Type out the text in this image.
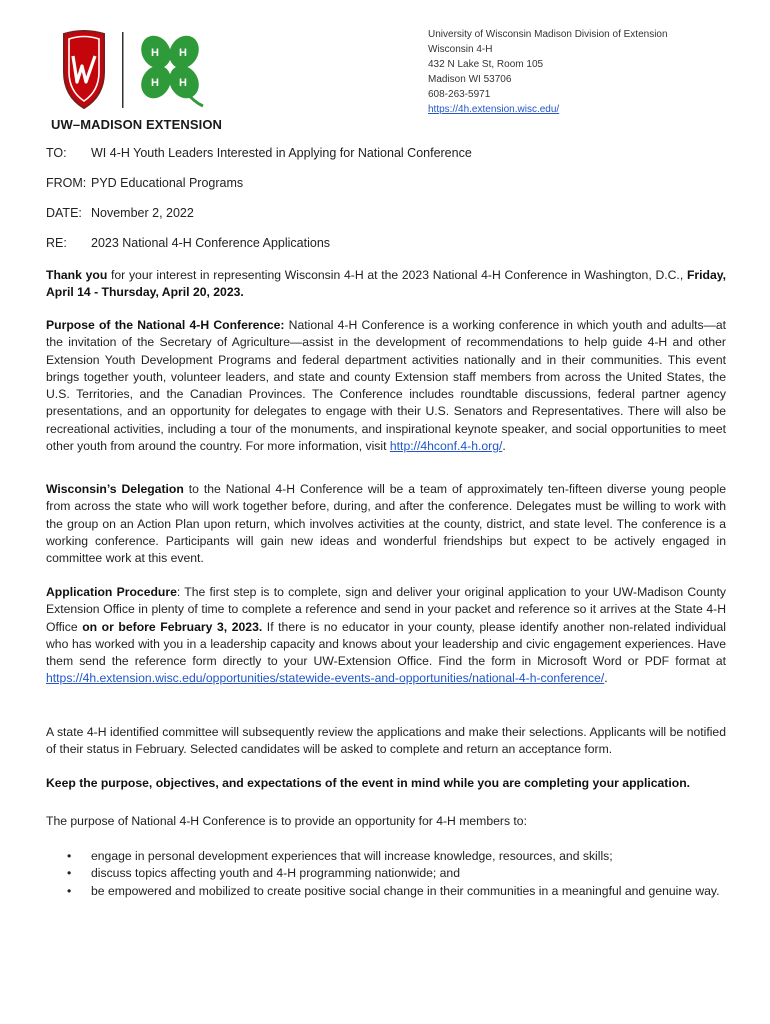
H H
H H
UW–MADISON EXTENSION
University of Wisconsin Madison Division of Extension
Wisconsin 4-H
432 N Lake St, Room 105
Madison WI 53706
608-263-5971
https://4h.extension.wisc.edu/
TO: WI 4-H Youth Leaders Interested in Applying for National Conference
FROM: PYD Educational Programs
DATE: November 2, 2022
RE: 2023 National 4-H Conference Applications
Thank you for your interest in representing Wisconsin 4-H at the 2023 National 4-H Conference in Washington, D.C., Friday, April 14 - Thursday, April 20, 2023.
Purpose of the National 4-H Conference: National 4-H Conference is a working conference in which youth and adults—at the invitation of the Secretary of Agriculture—assist in the development of recommendations to help guide 4-H and other Extension Youth Development Programs and federal department activities nationally and in their communities. This event brings together youth, volunteer leaders, and state and county Extension staff members from across the United States, the U.S. Territories, and the Canadian Provinces. The Conference includes roundtable discussions, federal partner agency presentations, and an opportunity for delegates to engage with their U.S. Senators and Representatives. There will also be recreational activities, including a tour of the monuments, and inspirational keynote speaker, and social opportunities to meet other youth from around the country. For more information, visit http://4hconf.4-h.org/.
Wisconsin’s Delegation to the National 4-H Conference will be a team of approximately ten-fifteen diverse young people from across the state who will work together before, during, and after the conference. Delegates must be willing to work with the group on an Action Plan upon return, which involves activities at the county, district, and state level. The conference is a working conference. Participants will gain new ideas and wonderful friendships but expect to be actively engaged in committee work at this event.
Application Procedure: The first step is to complete, sign and deliver your original application to your UW-Madison County Extension Office in plenty of time to complete a reference and send in your packet and reference so it arrives at the State 4-H Office on or before February 3, 2023. If there is no educator in your county, please identify another non-related individual who has worked with you in a leadership capacity and knows about your leadership and civic engagement experiences. Have them send the reference form directly to your UW-Extension Office. Find the form in Microsoft Word or PDF format at https://4h.extension.wisc.edu/opportunities/statewide-events-and-opportunities/national-4-h-conference/.
A state 4-H identified committee will subsequently review the applications and make their selections. Applicants will be notified of their status in February. Selected candidates will be asked to complete and return an acceptance form.
Keep the purpose, objectives, and expectations of the event in mind while you are completing your application.
The purpose of National 4-H Conference is to provide an opportunity for 4-H members to:
• engage in personal development experiences that will increase knowledge, resources, and skills;
• discuss topics affecting youth and 4-H programming nationwide; and
• be empowered and mobilized to create positive social change in their communities in a meaningful and genuine way.
